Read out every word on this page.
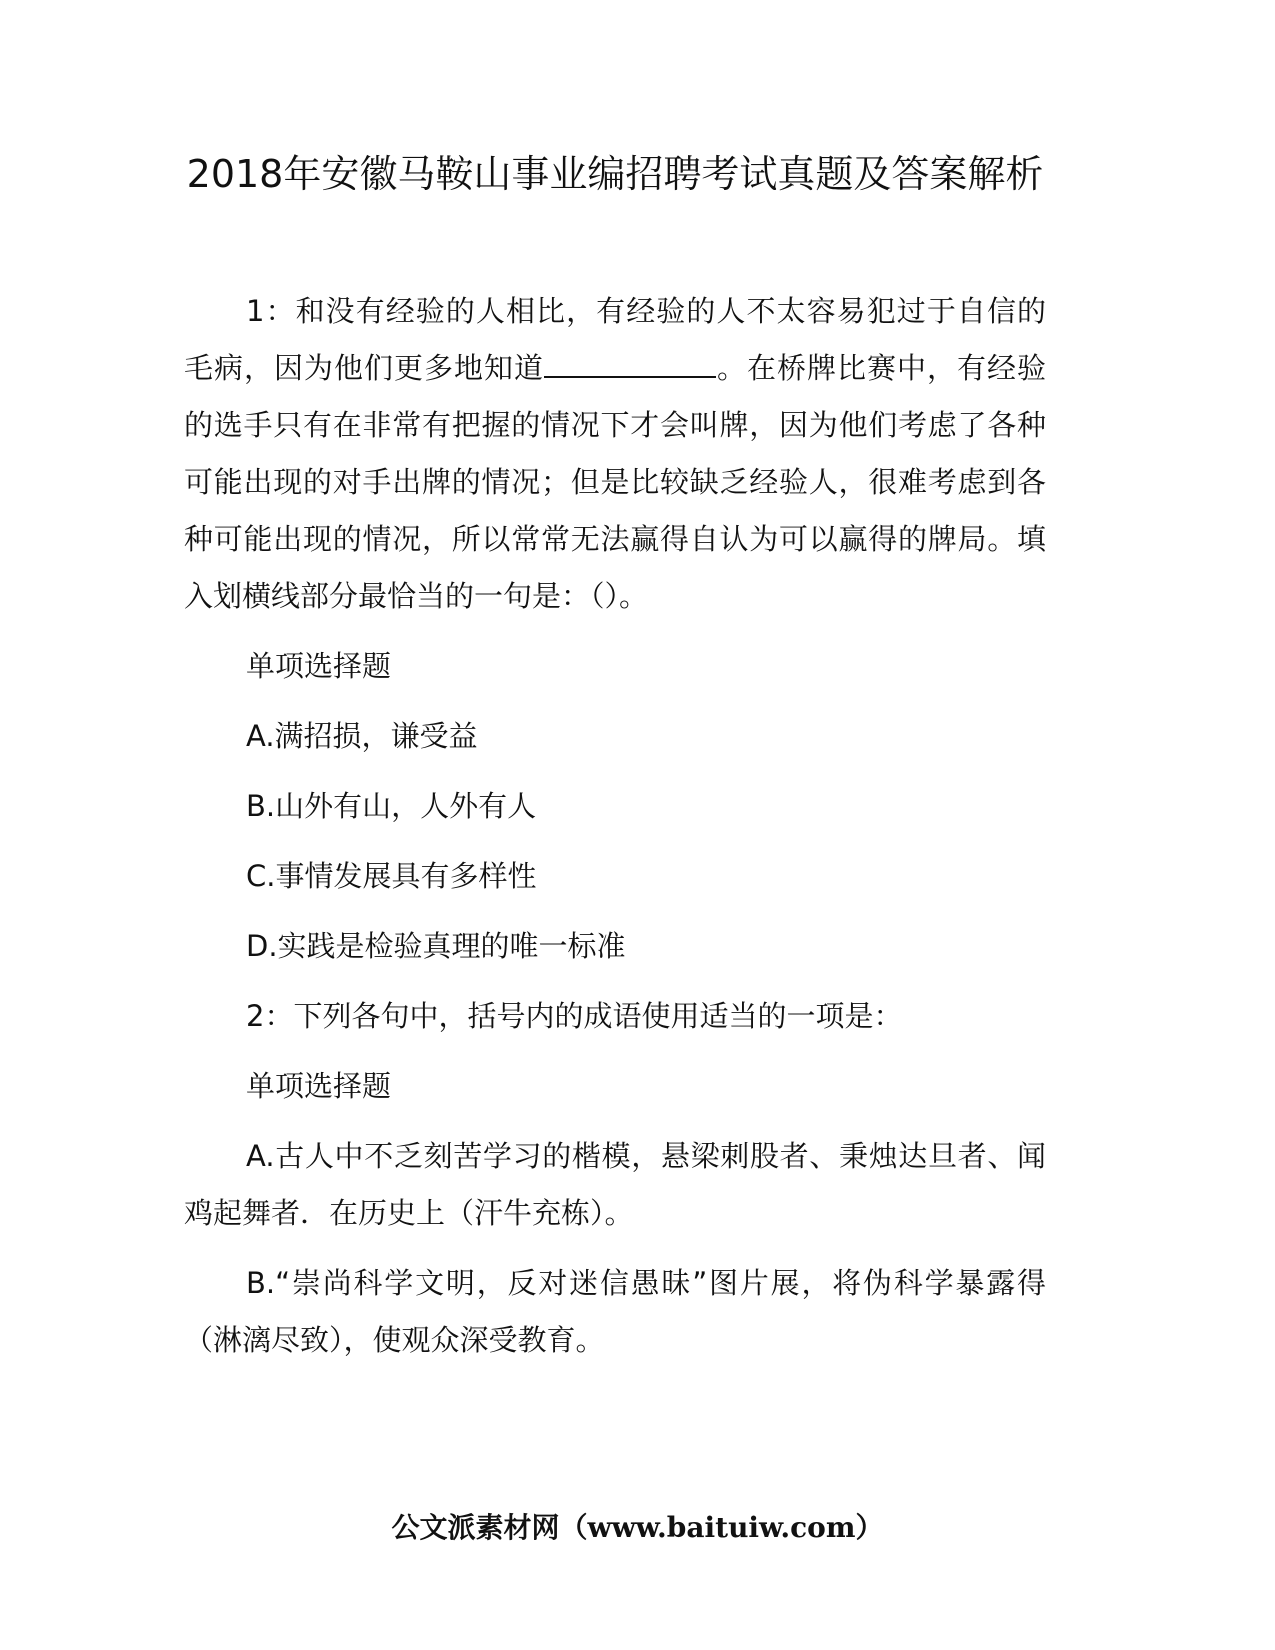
2018年安徽马鞍山事业编招聘考试真题及答案解析

1：和没有经验的人相比，有经验的人不太容易犯过于自信的毛病，因为他们更多地知道	。在桥牌比赛中，有经验的选手只有在非常有把握的情况下才会叫牌，因为他们考虑了各种可能出现的对手出牌的情况；但是比较缺乏经验人，很难考虑到各种可能出现的情况，所以常常无法赢得自认为可以赢得的牌局。填入划横线部分最恰当的一句是：（）。

单项选择题

A.满招损，谦受益

B.山外有山，人外有人

C.事情发展具有多样性

D.实践是检验真理的唯一标准

2：下列各句中，括号内的成语使用适当的一项是：

单项选择题

A.古人中不乏刻苦学习的楷模，悬梁刺股者、秉烛达旦者、闻鸡起舞者．在历史上（汗牛充栋）。

B.“崇尚科学文明，反对迷信愚昧”图片展，将伪科学暴露得（淋漓尽致），使观众深受教育。

公文派素材网（www.baituiw.com）
